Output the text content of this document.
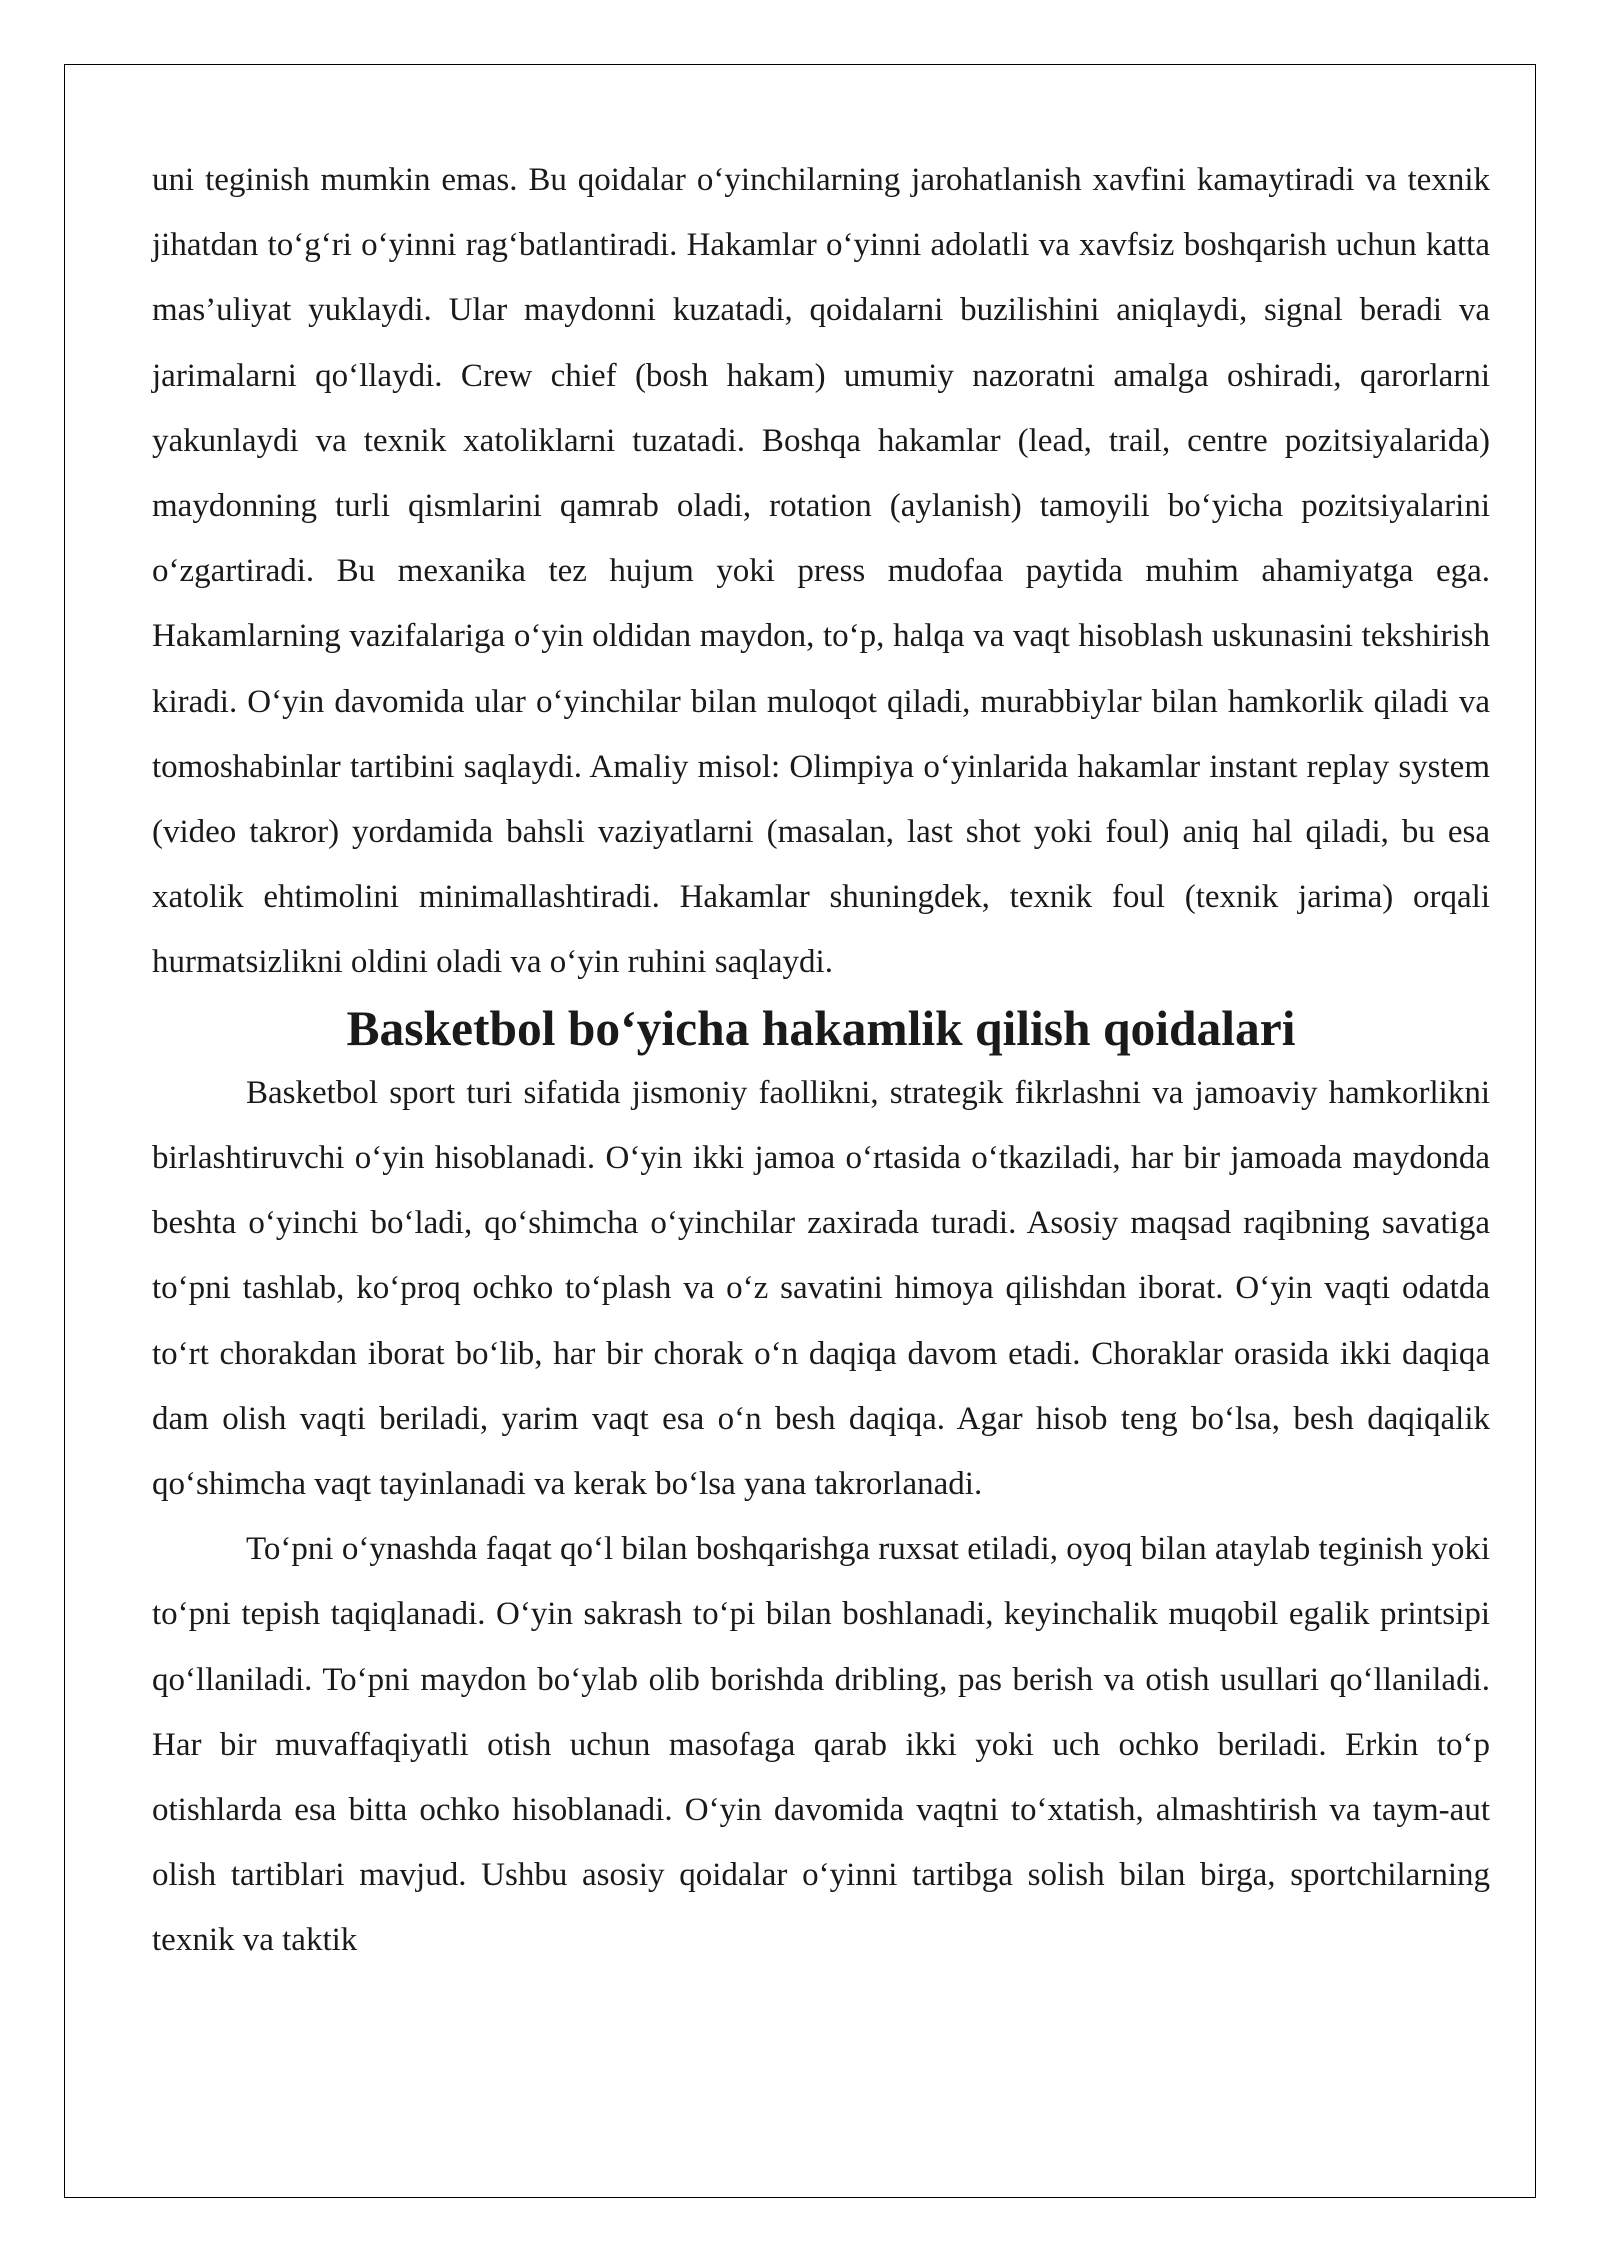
uni teginish mumkin emas. Bu qoidalar o‘yinchilarning jarohatlanish xavfini kamaytiradi va texnik jihatdan to‘g‘ri o‘yinni rag‘batlantiradi. Hakamlar o‘yinni adolatli va xavfsiz boshqarish uchun katta mas’uliyat yuklaydi. Ular maydonni kuzatadi, qoidalarni buzilishini aniqlaydi, signal beradi va jarimalarni qo‘llaydi. Crew chief (bosh hakam) umumiy nazoratni amalga oshiradi, qarorlarni yakunlaydi va texnik xatoliklarni tuzatadi. Boshqa hakamlar (lead, trail, centre pozitsiyalarida) maydonning turli qismlarini qamrab oladi, rotation (aylanish) tamoyili bo‘yicha pozitsiyalarini o‘zgartiradi. Bu mexanika tez hujum yoki press mudofaa paytida muhim ahamiyatga ega. Hakamlarning vazifalariga o‘yin oldidan maydon, to‘p, halqa va vaqt hisoblash uskunasini tekshirish kiradi. O‘yin davomida ular o‘yinchilar bilan muloqot qiladi, murabbiylar bilan hamkorlik qiladi va tomoshabinlar tartibini saqlaydi. Amaliy misol: Olimpiya o‘yinlarida hakamlar instant replay system (video takror) yordamida bahsli vaziyatlarni (masalan, last shot yoki foul) aniq hal qiladi, bu esa xatolik ehtimolini minimallashtiradi. Hakamlar shuningdek, texnik foul (texnik jarima) orqali hurmatsizlikni oldini oladi va o‘yin ruhini saqlaydi.

Basketbol bo‘yicha hakamlik qilish qoidalari

Basketbol sport turi sifatida jismoniy faollikni, strategik fikrlashni va jamoaviy hamkorlikni birlashtiruvchi o‘yin hisoblanadi. O‘yin ikki jamoa o‘rtasida o‘tkaziladi, har bir jamoada maydonda beshta o‘yinchi bo‘ladi, qo‘shimcha o‘yinchilar zaxirada turadi. Asosiy maqsad raqibning savatiga to‘pni tashlab, ko‘proq ochko to‘plash va o‘z savatini himoya qilishdan iborat. O‘yin vaqti odatda to‘rt chorakdan iborat bo‘lib, har bir chorak o‘n daqiqa davom etadi. Choraklar orasida ikki daqiqa dam olish vaqti beriladi, yarim vaqt esa o‘n besh daqiqa. Agar hisob teng bo‘lsa, besh daqiqalik qo‘shimcha vaqt tayinlanadi va kerak bo‘lsa yana takrorlanadi.

To‘pni o‘ynashda faqat qo‘l bilan boshqarishga ruxsat etiladi, oyoq bilan ataylab teginish yoki to‘pni tepish taqiqlanadi. O‘yin sakrash to‘pi bilan boshlanadi, keyinchalik muqobil egalik printsipi qo‘llaniladi. To‘pni maydon bo‘ylab olib borishda dribling, pas berish va otish usullari qo‘llaniladi. Har bir muvaffaqiyatli otish uchun masofaga qarab ikki yoki uch ochko beriladi. Erkin to‘p otishlarda esa bitta ochko hisoblanadi. O‘yin davomida vaqtni to‘xtatish, almashtirish va taym-aut olish tartiblari mavjud. Ushbu asosiy qoidalar o‘yinni tartibga solish bilan birga, sportchilarning texnik va taktik
